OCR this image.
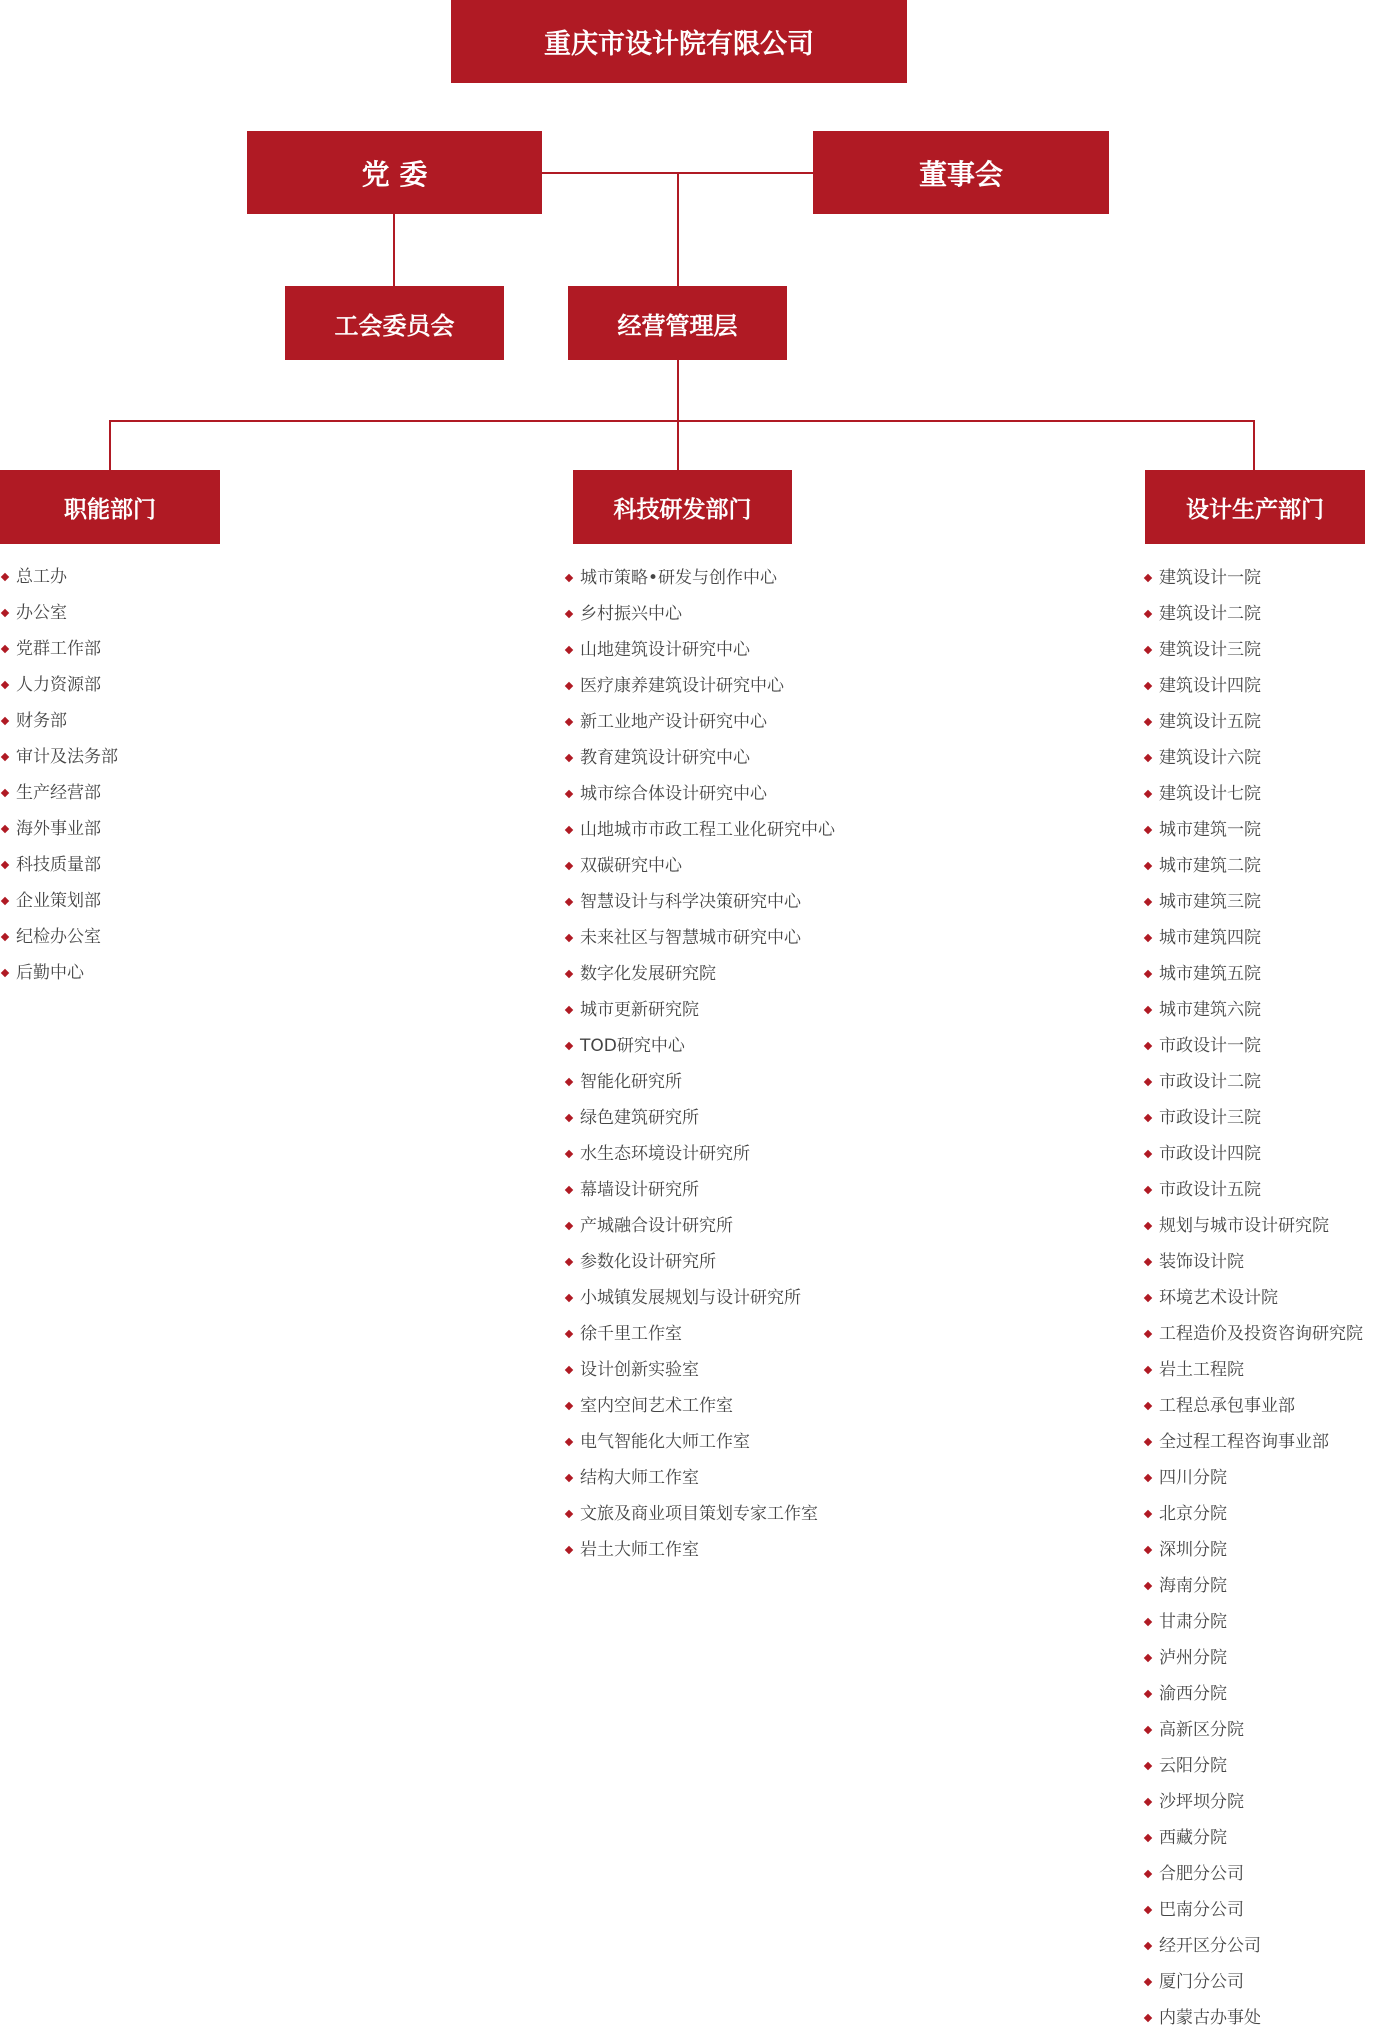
重庆市设计院有限公司
党 委	董事会
工会委员会	经营管理层
职能部门	科技研发部门	设计生产部门
总工办
办公室
党群工作部
人力资源部
财务部
审计及法务部
生产经营部
海外事业部
科技质量部
企业策划部
纪检办公室
后勤中心
城市策略•研发与创作中心
乡村振兴中心
山地建筑设计研究中心
医疗康养建筑设计研究中心
新工业地产设计研究中心
教育建筑设计研究中心
城市综合体设计研究中心
山地城市市政工程工业化研究中心
双碳研究中心
智慧设计与科学决策研究中心
未来社区与智慧城市研究中心
数字化发展研究院
城市更新研究院
TOD研究中心
智能化研究所
绿色建筑研究所
水生态环境设计研究所
幕墙设计研究所
产城融合设计研究所
参数化设计研究所
小城镇发展规划与设计研究所
徐千里工作室
设计创新实验室
室内空间艺术工作室
电气智能化大师工作室
结构大师工作室
文旅及商业项目策划专家工作室
岩土大师工作室
建筑设计一院
建筑设计二院
建筑设计三院
建筑设计四院
建筑设计五院
建筑设计六院
建筑设计七院
城市建筑一院
城市建筑二院
城市建筑三院
城市建筑四院
城市建筑五院
城市建筑六院
市政设计一院
市政设计二院
市政设计三院
市政设计四院
市政设计五院
规划与城市设计研究院
装饰设计院
环境艺术设计院
工程造价及投资咨询研究院
岩土工程院
工程总承包事业部
全过程工程咨询事业部
四川分院
北京分院
深圳分院
海南分院
甘肃分院
泸州分院
渝西分院
高新区分院
云阳分院
沙坪坝分院
西藏分院
合肥分公司
巴南分公司
经开区分公司
厦门分公司
内蒙古办事处
